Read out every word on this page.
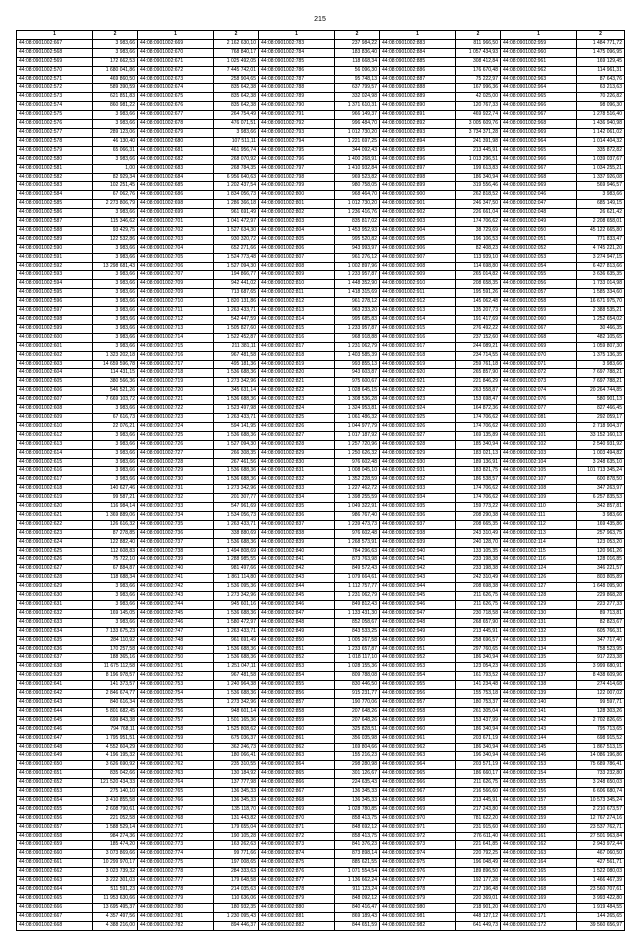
215
1	2	1	2	1	2	1	2	1	2
44:08:0901002:667	3 983,66	44:08:0901002:669	2 162 630,10	44:08:0901002:783	237 984,22	44:08:0901002:883	811 966,50	44:08:0901002:959	1 484 771,72
44:08:0901002:568	3 983,66	44:08:0901002:670	768 840,17	44:08:0901002:784	183 836,40	44:08:0901002:884	1 057 434,93	44:08:0901002:960	1 475 096,95
44:08:0901002:569	172 662,53	44:08:0901002:671	1 025 492,05	44:08:0901002:785	118 668,34	44:08:0901002:885	308 412,84	44:08:0901002:961	169 129,45
44:08:0901002:570	1 680 041,86	44:08:0901002:672	7 445 742,01	44:08:0901002:786	56 096,30	44:08:0901002:886	176 670,48	44:08:0901002:962	114 961,31
44:08:0901002:571	469 860,50	44:08:0901002:673	258 904,65	44:08:0901002:787	95 748,13	44:08:0901002:887	75 222,97	44:08:0901002:963	87 643,76
44:08:0901002:572	589 390,59	44:08:0901002:674	835 642,38	44:08:0901002:788	637 799,57	44:08:0901002:888	167 996,36	44:08:0901002:964	63 213,63
44:08:0901002:573	621 851,83	44:08:0901002:675	835 642,38	44:08:0901002:789	332 024,98	44:08:0901002:889	42 025,00	44:08:0901002:965	70 226,82
44:08:0901002:574	860 981,22	44:08:0901002:676	835 642,38	44:08:0901002:790	1 371 610,31	44:08:0901002:890	120 767,33	44:08:0901002:966	98 096,30
44:08:0901002:575	3 983,66	44:08:0901002:677	264 754,49	44:08:0901002:791	966 149,37	44:08:0901002:891	469 922,74	44:08:0901002:967	1 278 516,40
44:08:0901002:576	3 983,66	44:08:0901002:678	476 071,51	44:08:0901002:792	996 484,70	44:08:0901002:892	3 005 609,76	44:08:0901002:968	1 436 940,98
44:08:0901002:577	289 123,06	44:08:0901002:679	3 983,66	44:08:0901002:793	1 012 730,20	44:08:0901002:893	3 734 371,28	44:08:0901002:969	1 142 061,02
44:08:0901002:578	46 130,40	44:08:0901002:680	107 511,11	44:08:0901002:794	1 221 697,25	44:08:0901002:894	241 391,98	44:08:0901002:964	1 014 404,32
44:08:0901002:579	65 066,31	44:08:0901002:681	461 956,74	44:08:0901002:795	344 092,43	44:08:0901002:895	213 445,91	44:08:0901002:965	335 872,82
44:08:0901002:580	3 983,66	44:08:0901002:682	268 070,92	44:08:0901002:796	1 400 268,91	44:08:0901002:896	1 013 296,51	44:08:0901002:966	1 039 037,67
44:08:0901002:581	1,00	44:08:0901002:683	268 784,35	44:08:0901002:797	1 410 932,84	44:08:0901002:897	199 613,83	44:08:0901002:967	1 034 255,21
44:08:0901002:582	82 929,34	44:08:0901002:684	6 956 640,63	44:08:0901002:798	969 523,82	44:08:0901002:898	186 340,94	44:08:0901002:968	1 337 926,08
44:08:0901002:583	102 251,45	44:08:0901002:685	1 202 437,54	44:08:0901002:799	980 758,05	44:08:0901002:899	319 556,46	44:08:0901002:969	569 946,57
44:08:0901002:584	67 062,76	44:08:0901002:686	1 834 056,73	44:08:0901002:800	968 464,70	44:08:0901002:900	262 818,52	44:08:0901002:046	3 983,66
44:08:0901002:585	2 273 806,79	44:08:0901002:698	1 286 366,18	44:08:0901002:801	1 012 730,20	44:08:0901002:901	246 347,50	44:08:0901002:047	685 149,15
44:08:0901002:586	3 983,66	44:08:0901002:699	961 691,49	44:08:0901002:802	1 236 416,76	44:08:0901002:902	226 661,04	44:08:0901002:048	26 621,42
44:08:0901002:587	115 346,62	44:08:0901002:701	1 041 472,97	44:08:0901002:803	835 817,02	44:08:0901002:903	174 706,62	44:08:0901002:049	2 208 658,01
44:08:0901002:588	93 429,75	44:08:0901002:702	1 527 634,30	44:08:0901002:804	1 453 952,93	44:08:0901002:904	38 729,69	44:08:0901002:050	45 122 665,80
44:08:0901002:589	122 532,86	44:08:0901002:703	930 320,72	44:08:0901002:805	995 520,82	44:08:0901002:905	196 106,53	44:08:0901002:051	771 833,47
44:08:0901002:590	3 983,66	44:08:0901002:704	652 271,66	44:08:0901002:806	943 993,97	44:08:0901002:906	82 408,23	44:08:0901002:052	4 745 221,20
44:08:0901002:591	3 983,66	44:08:0901002:705	1 524 773,48	44:08:0901002:807	961 276,12	44:08:0901002:907	113 939,10	44:08:0901002:053	3 274 947,15
44:08:0901002:592	13 298 681,43	44:08:0901002:706	1 527 094,30	44:08:0901002:808	1 002 897,96	44:08:0901002:908	114 698,80	44:08:0901002:054	6 427 813,66
44:08:0901002:593	3 983,66	44:08:0901002:707	194 866,77	44:08:0901002:809	1 233 957,87	44:08:0901002:909	265 014,82	44:08:0901002:055	3 636 635,35
44:08:0901002:594	3 983,66	44:08:0901002:709	942 441,02	44:08:0901002:810	1 448 352,90	44:08:0901002:910	208 658,35	44:08:0901002:056	1 733 014,98
44:08:0901002:595	3 983,66	44:08:0901002:709	713 687,65	44:08:0901002:811	1 418 315,69	44:08:0901002:911	195 591,26	44:08:0901002:057	1 585 334,60
44:08:0901002:596	3 983,66	44:08:0901002:710	1 820 131,86	44:08:0901002:812	961 278,12	44:08:0901002:912	145 062,48	44:08:0901002:058	16 671 975,70
44:08:0901002:597	3 983,66	44:08:0901002:711	1 263 433,71	44:08:0901002:813	963 233,20	44:08:0901002:913	135 207,73	44:08:0901002:059	2 388 535,21
44:08:0901002:598	3 983,66	44:08:0901002:712	542 447,59	44:08:0901002:814	995 685,83	44:08:0901002:914	191 417,69	44:08:0901002:060	1 252 654,02
44:08:0901002:599	3 983,66	44:08:0901002:713	1 505 827,60	44:08:0901002:815	1 233 957,87	44:08:0901002:915	276 492,22	44:08:0901002:067	30 466,35
44:08:0901002:600	3 983,66	44:08:0901002:714	1 522 452,87	44:08:0901002:816	968 918,88	44:08:0901002:916	237 152,60	44:08:0901002:068	482 105,65
44:08:0901002:601	3 983,66	44:08:0901002:715	211 381,11	44:08:0901002:817	1 231 062,79	44:08:0901002:917	244 089,21	44:08:0901002:069	1 059 807,30
44:08:0901002:602	1 323 202,18	44:08:0901002:716	967 481,58	44:08:0901002:818	1 403 585,39	44:08:0901002:918	234 714,55	44:08:0901002:070	1 375 136,35
44:08:0901002:603	14 659 596,78	44:08:0901002:717	495 181,36	44:08:0901002:819	993 855,13	44:08:0901002:919	259 761,18	44:08:0901002:071	3 983,66
44:08:0901002:604	114 431,15	44:08:0901002:718	1 536 688,36	44:08:0901002:820	943 603,87	44:08:0901002:920	265 857,90	44:08:0901002:072	7 697 788,21
44:08:0901002:605	380 566,36	44:08:0901002:719	1 273 342,96	44:08:0901002:821	975 600,67	44:08:0901002:921	221 846,29	44:08:0901002:073	7 697 788,21
44:08:0901002:606	546 521,26	44:08:0901002:720	345 631,14	44:08:0901002:822	1 028 645,15	44:08:0901002:922	263 558,87	44:08:0901002:074	20 264 744,85
44:08:0901002:607	7 669 103,72	44:08:0901002:721	1 536 688,36	44:08:0901002:823	1 308 536,28	44:08:0901002:923	153 698,47	44:08:0901002:076	580 901,13
44:08:0901002:608	3 983,66	44:08:0901002:722	1 523 497,98	44:08:0901002:824	1 324 953,81	44:08:0901002:924	164 872,36	44:08:0901002:077	827 466,45
44:08:0901002:609	67 616,73	44:08:0901002:723	1 263 433,71	44:08:0901002:825	1 061 486,32	44:08:0901002:925	174 706,62	44:08:0901002:081	292 059,17
44:08:0901002:610	22 076,21	44:08:0901002:724	594 141,95	44:08:0901002:826	1 044 977,79	44:08:0901002:926	174 706,62	44:08:0901002:100	2 718 904,37
44:08:0901002:612	3 983,66	44:08:0901002:725	1 536 688,36	44:08:0901002:827	1 017 187,92	44:08:0901002:927	169 135,89	44:08:0901002:101	33 152 160,13
44:08:0901002:613	3 983,66	44:08:0901002:726	1 527 094,30	44:08:0901002:828	1 257 720,96	44:08:0901002:928	185 340,94	44:08:0901002:102	2 540 931,92
44:08:0901002:614	3 983,66	44:08:0901002:727	266 308,35	44:08:0901002:829	1 250 626,32	44:08:0901002:929	183 021,13	44:08:0901002:103	1 003 494,82
44:08:0901002:615	3 983,66	44:08:0901002:728	267 461,56	44:08:0901002:830	976 602,48	44:08:0901002:930	189 136,91	44:08:0901002:104	3 248 635,10
44:08:0901002:616	3 983,66	44:08:0901002:729	1 536 688,36	44:08:0901002:831	1 008 045,10	44:08:0901002:931	183 821,75	44:08:0901002:105	101 713 345,24
44:08:0901002:617	3 983,66	44:08:0901002:730	1 536 688,36	44:08:0901002:832	1 352 228,59	44:08:0901002:932	186 538,57	44:08:0901002:107	600 878,50
44:08:0901002:618	140 627,46	44:08:0901002:731	1 273 342,96	44:08:0901002:833	1 227 462,72	44:08:0901002:933	174 706,62	44:08:0901002:108	347 263,97
44:08:0901002:619	99 587,21	44:08:0901002:732	201 307,77	44:08:0901002:834	1 398 255,59	44:08:0901002:934	174 706,62	44:08:0901002:109	6 257 835,53
44:08:0901002:620	116 984,14	44:08:0901002:733	547 961,69	44:08:0901002:835	1 049 322,91	44:08:0901002:935	159 773,22	44:08:0901002:110	342 857,81
44:08:0901002:621	1 369 889,06	44:08:0901002:734	1 534 056,73	44:08:0901002:836	986 767,40	44:08:0901002:936	208 290,38	44:08:0901002:111	3 983,66
44:08:0901002:622	126 616,32	44:08:0901002:735	1 263 433,71	44:08:0901002:837	1 239 473,73	44:08:0901002:937	208 665,35	44:08:0901002:112	169 435,86
44:08:0901002:623	87 278,85	44:08:0901002:736	338 880,69	44:08:0901002:838	976 602,48	44:08:0901002:938	243 310,49	44:08:0901002:113	257 963,75
44:08:0901002:624	122 882,40	44:08:0901002:737	1 536 688,36	44:08:0901002:839	1 268 573,91	44:08:0901002:939	240 128,70	44:08:0901002:114	123 053,20
44:08:0901002:625	112 608,83	44:08:0901002:738	1 494 808,69	44:08:0901002:840	784 296,63	44:08:0901002:940	133 105,35	44:08:0901002:115	120 961,26
44:08:0901002:626	75 722,10	44:08:0901002:739	1 288 985,55	44:08:0901002:841	873 763,98	44:08:0901002:941	233 198,38	44:08:0901002:116	128 016,85
44:08:0901002:627	67 884,87	44:08:0901002:740	981 497,66	44:08:0901002:842	849 572,43	44:08:0901002:942	233 198,38	44:08:0901002:124	346 221,57
44:08:0901002:628	118 688,34	44:08:0901002:741	1 861 114,80	44:08:0901002:843	1 079 664,61	44:08:0901002:943	242 310,49	44:08:0901002:126	803 805,89
44:08:0901002:629	3 983,66	44:08:0901002:742	1 536 095,36	44:08:0901002:844	1 112 757,77	44:08:0901002:944	208 698,38	44:08:0901002:127	1 648 095,90
44:08:0901002:630	3 983,66	44:08:0901002:743	1 273 342,96	44:08:0901002:845	1 231 062,79	44:08:0901002:945	211 626,75	44:08:0901002:128	229 868,28
44:08:0901002:631	3 983,66	44:08:0901002:744	945 601,16	44:08:0901002:846	849 812,43	44:08:0901002:946	211 626,75	44:08:0901002:129	223 277,33
44:08:0901002:632	169 145,05	44:08:0901002:745	1 536 688,36	44:08:0901002:847	1 133 431,30	44:08:0901002:947	230 718,58	44:08:0901002:130	89 713,81
44:08:0901002:633	3 983,66	44:08:0901002:746	1 580 472,97	44:08:0901002:848	852 058,67	44:08:0901002:948	268 657,90	44:08:0901002:131	82 823,67
44:08:0901002:634	7 133 675,23	44:08:0901002:747	1 263 433,71	44:08:0901002:849	843 533,25	44:08:0901002:949	213 445,91	44:08:0901002:132	605 766,31
44:08:0901002:635	284 110,92	44:08:0901002:748	961 691,49	44:08:0901002:850	1 005 267,58	44:08:0901002:950	258 696,57	44:08:0901002:133	347 717,40
44:08:0901002:636	170 257,58	44:08:0901002:749	1 536 688,36	44:08:0901002:851	1 233 657,87	44:08:0901002:951	297 760,65	44:08:0901002:134	758 523,95
44:08:0901002:637	188 365,16	44:08:0901002:750	1 536 688,36	44:08:0901002:852	1 018 117,10	44:08:0901002:952	186 340,94	44:08:0901002:135	917 223,38
44:08:0901002:638	11 675 112,58	44:08:0901002:751	1 251 047,11	44:08:0901002:853	1 028 155,36	44:08:0901002:953	123 054,23	44:08:0901002:136	3 999 680,91
44:08:0901002:639	8 196 978,57	44:08:0901002:752	967 481,58	44:08:0901002:854	809 788,08	44:08:0901002:954	161 793,52	44:08:0901002:137	8 438 609,96
44:08:0901002:641	141 373,57	44:08:0901002:753	1 240 964,38	44:08:0901002:855	830 446,50	44:08:0901002:955	141 234,48	44:08:0901002:138	274 414,68
44:08:0901002:642	2 846 674,77	44:08:0901002:754	1 536 688,36	44:08:0901002:856	915 231,77	44:08:0901002:956	155 753,18	44:08:0901002:139	122 007,02
44:08:0901002:643	840 616,34	44:08:0901002:755	1 273 342,96	44:08:0901002:857	190 770,06	44:08:0901002:957	180 753,37	44:08:0901002:140	99 597,71
44:08:0901002:644	5 801 682,45	44:08:0901002:756	948 601,14	44:08:0901002:858	207 648,26	44:08:0901002:958	261 305,04	44:08:0901002:141	128 303,26
44:08:0901002:645	699 843,38	44:08:0901002:757	1 501 165,36	44:08:0901002:859	207 648,26	44:08:0901002:959	153 437,99	44:08:0901002:142	2 702 826,65
44:08:0901002:646	794 768,11	44:08:0901002:758	1 525 808,62	44:08:0901002:860	325 828,51	44:08:0901002:960	186 340,94	44:08:0901002:143	795 713,65
44:08:0901002:647	1 795 951,51	44:08:0901002:759	675 036,37	44:08:0901002:861	356 035,98	44:08:0901002:961	203 671,19	44:08:0901002:144	698 915,52
44:08:0901002:648	4 552 604,29	44:08:0901002:760	362 246,73	44:08:0901002:862	169 804,66	44:08:0901002:962	186 340,94	44:08:0901002:145	1 867 513,15
44:08:0901002:649	4 196 195,32	44:08:0901002:761	180 066,41	44:08:0901002:863	155 216,23	44:08:0901002:963	196 340,94	44:08:0901002:146	14 086 196,86
44:08:0901002:650	3 626 690,92	44:08:0901002:762	235 310,55	44:08:0901002:864	298 280,98	44:08:0901002:964	203 571,19	44:08:0901002:153	75 689 786,41
44:08:0901002:651	835 042,66	44:08:0901002:763	130 184,92	44:08:0901002:865	301 126,67	44:08:0901002:965	186 660,17	44:08:0901002:154	733 232,80
44:08:0901002:652	121 520 434,33	44:08:0901002:764	137 777,98	44:08:0901002:866	224 635,43	44:08:0901002:966	211 626,75	44:08:0901002:155	3 248 650,03
44:08:0901002:653	275 140,10	44:08:0901002:765	136 345,33	44:08:0901002:867	136 345,33	44:08:0901002:967	216 566,60	44:08:0901002:156	6 606 680,74
44:08:0901002:654	3 410 855,58	44:08:0901002:766	136 345,33	44:08:0901002:868	136 345,33	44:08:0901002:968	213 445,91	44:08:0901002:157	10 573 345,24
44:08:0901002:655	2 608 790,61	44:08:0901002:767	135 118,70	44:08:0901002:869	1 028 780,85	44:08:0901002:969	217 243,80	44:08:0901002:158	2 210 673,57
44:08:0901002:656	221 052,58	44:08:0901002:768	131 443,82	44:08:0901002:870	858 413,75	44:08:0901002:970	781 622,20	44:08:0901002:159	12 767 274,16
44:08:0901002:657	1 588 529,14	44:08:0901002:771	179 655,04	44:08:0901002:871	848 692,12	44:08:0901002:971	231 915,60	44:08:0901002:160	23 537 762,71
44:08:0901002:658	984 274,36	44:08:0901002:772	190 105,28	44:08:0901002:872	858 413,75	44:08:0901002:972	276 611,40	44:08:0901002:161	27 501 963,84
44:08:0901002:659	185 474,20	44:08:0901002:773	163 262,63	44:08:0901002:873	841 376,23	44:08:0901002:973	221 641,85	44:08:0901002:162	2 943 972,44
44:08:0901002:660	3 073 869,66	44:08:0901002:774	99 771,66	44:08:0901002:874	873 898,14	44:08:0901002:974	220 792,25	44:08:0901002:163	467 060,50
44:08:0901002:661	10 299 970,17	44:08:0901002:775	197 008,65	44:08:0901002:875	885 621,55	44:08:0901002:975	196 048,49	44:08:0901002:164	427 561,71
44:08:0901002:662	3 023 739,32	44:08:0901002:778	284 333,63	44:08:0901002:876	1 071 554,54	44:08:0901002:976	189 896,50	44:08:0901002:165	1 522 080,03
44:08:0901002:663	3 222 301,03	44:08:0901002:777	179 648,58	44:08:0901002:877	1 136 662,24	44:08:0901002:977	192 177,28	44:08:0901002:166	1 466 467,39
44:08:0901002:664	511 591,23	44:08:0901002:778	214 035,63	44:08:0901002:878	911 123,24	44:08:0901002:978	217 196,48	44:08:0901002:168	23 560 707,61
44:08:0901002:665	11 953 630,66	44:08:0901002:779	110 636,06	44:08:0901002:879	848 092,12	44:08:0901002:979	220 369,01	44:08:0901002:169	3 993 422,80
44:08:0901002:666	13 695 495,37	44:08:0901002:780	180 932,35	44:08:0901002:880	840 416,47	44:08:0901002:980	218 901,20	44:08:0901002:170	1 919 484,55
44:08:0901002:667	4 357 497,56	44:08:0901002:781	1 230 095,43	44:08:0901002:881	869 189,43	44:08:0901002:981	448 127,12	44:08:0901002:171	144 265,65
44:08:0901002:668	4 388 216,00	44:08:0901002:782	894 446,37	44:08:0901002:882	844 651,59	44:08:0901002:982	641 449,73	44:08:0901002:172	39 560 656,97
